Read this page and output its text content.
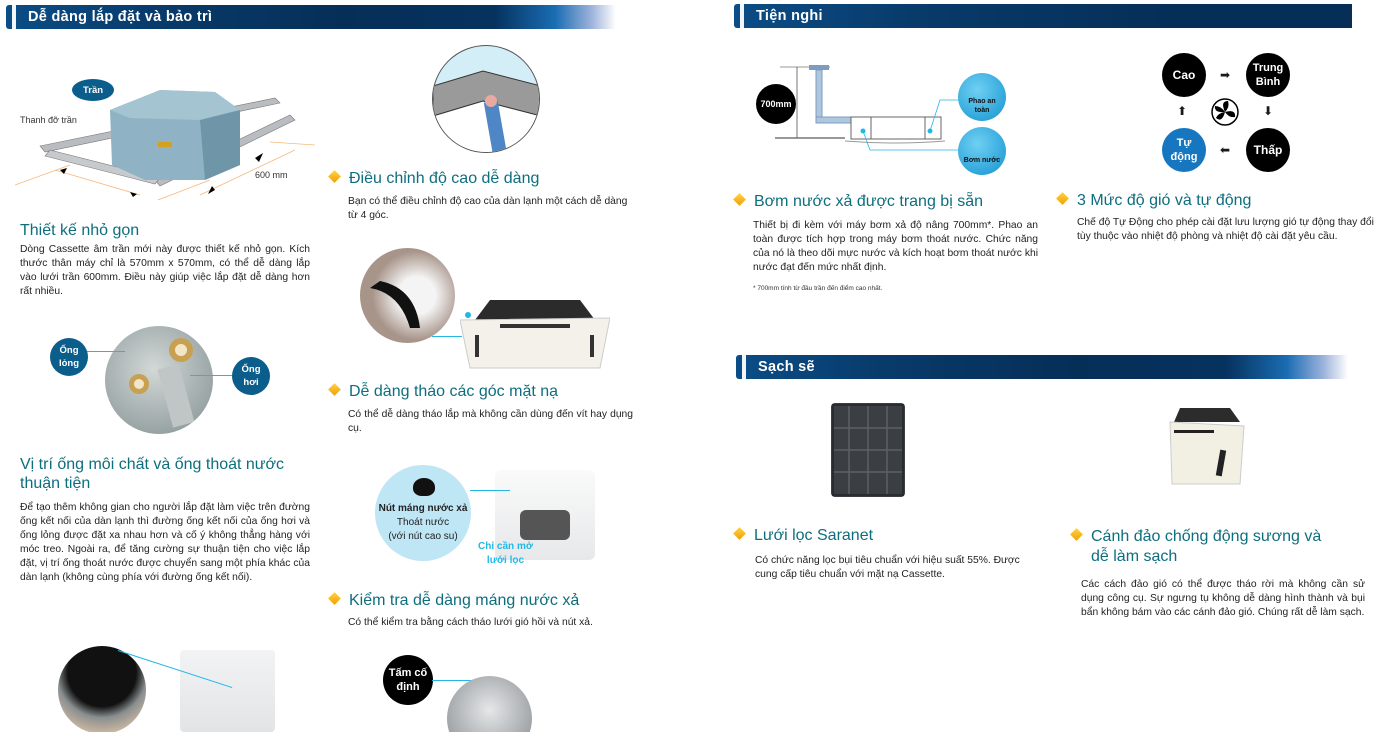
Dễ dàng lắp đặt và bảo trì
Trần
Thanh đỡ trần
600 mm
Thiết kế nhỏ gọn
Dòng Cassette âm trần mới này được thiết kế nhỏ gọn. Kích thước thân máy chỉ là 570mm x 570mm, có thể dễ dàng lắp vào lưới trần 600mm. Điều này giúp việc lắp đặt dễ dàng hơn rất nhiều.
Ống lỏng
Ống hơi
Vị trí ống môi chất và ống thoát nước thuận tiện
Để tạo thêm không gian cho người lắp đặt làm việc trên đường ống kết nối của dàn lạnh thì đường ống kết nối của ống hơi và ống lỏng được đặt xa nhau hơn và cố ý không thẳng hàng với móc treo. Ngoài ra, để tăng cường sự thuận tiện cho việc lắp đặt, vị trí ống thoát nước được chuyển sang một phía khác của dàn lạnh (không cùng phía với đường ống kết nối).
Điều chỉnh độ cao dễ dàng
Bạn có thể điều chỉnh độ cao của dàn lạnh một cách dễ dàng từ 4 góc.
Dễ dàng tháo các góc mặt nạ
Có thể dễ dàng tháo lắp mà không cần dùng đến vít hay dụng cụ.
Nút máng nước xả
Thoát nước
(với nút cao su)
Chỉ cần mở
lưới lọc
Kiểm tra dễ dàng máng nước xả
Có thể kiểm tra bằng cách tháo lưới gió hồi và nút xả.
Tấm cố định
Tiện nghi
700mm	Phao an toàn
Bơm nước
Bơm nước xả được trang bị sẵn
Thiết bị đi kèm với máy bơm xả độ nâng 700mm*. Phao an toàn được tích hợp trong máy bơm thoát nước. Chức năng của nó là theo dõi mực nước và kích hoạt bơm thoát nước khi nước đạt đến mức nhất định.
* 700mm tính từ đầu trần đến điểm cao nhất.
Cao	Trung Bình
Tự động
Thấp
➡
⬇
⬅
⬆
3 Mức độ gió và tự động
Chế độ Tự Động cho phép cài đặt lưu lượng gió tự động thay đổi tùy thuộc vào nhiệt độ phòng và nhiệt độ cài đặt yêu cầu.
Sạch sẽ
Lưới lọc Saranet
Có chức năng lọc bụi tiêu chuẩn với hiệu suất 55%. Được cung cấp tiêu chuẩn với mặt nạ Cassette.
Cánh đảo chống động sương và
dễ làm sạch
Các cách đảo gió có thể được tháo rời mà không cần sử dụng công cụ. Sự ngưng tụ không dễ dàng hình thành và bụi bẩn không bám vào các cánh đảo gió. Chúng rất dễ làm sạch.
